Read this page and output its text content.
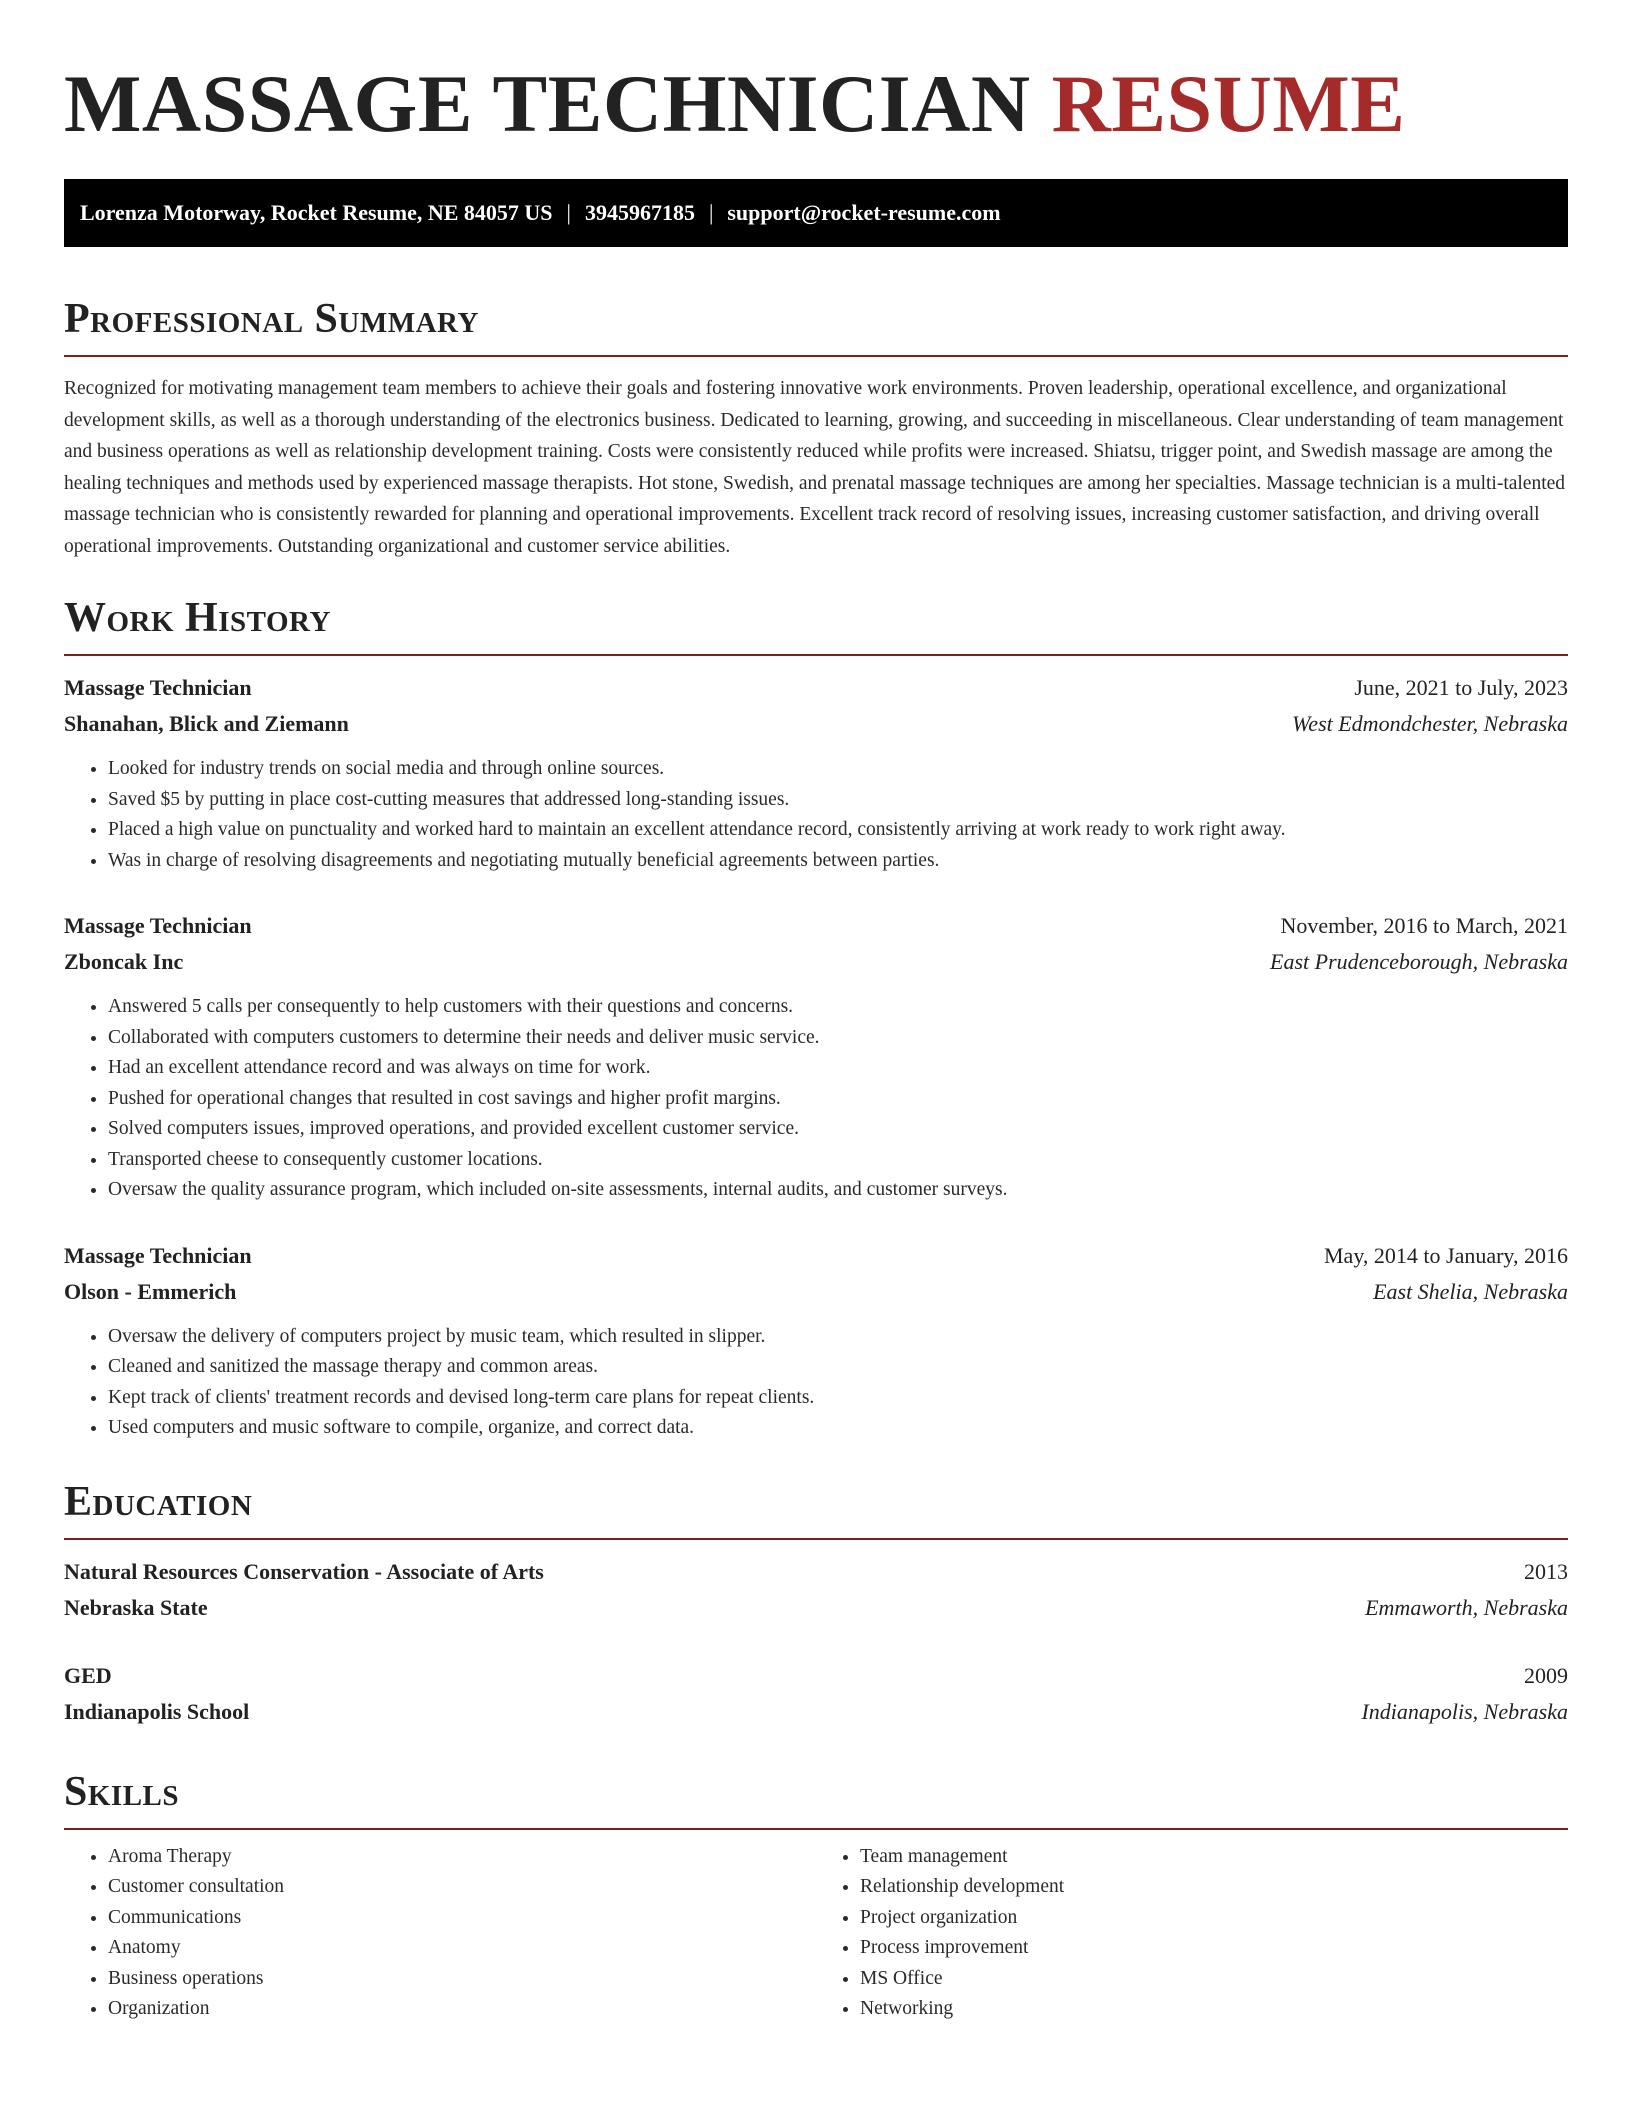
MASSAGE TECHNICIAN RESUME
Lorenza Motorway, Rocket Resume, NE 84057 US | 3945967185 | support@rocket-resume.com
Professional Summary

Recognized for motivating management team members to achieve their goals and fostering innovative work environments. Proven leadership, operational excellence, and organizational development skills, as well as a thorough understanding of the electronics business. Dedicated to learning, growing, and succeeding in miscellaneous. Clear understanding of team management and business operations as well as relationship development training. Costs were consistently reduced while profits were increased. Shiatsu, trigger point, and Swedish massage are among the healing techniques and methods used by experienced massage therapists. Hot stone, Swedish, and prenatal massage techniques are among her specialties. Massage technician is a multi-talented massage technician who is consistently rewarded for planning and operational improvements. Excellent track record of resolving issues, increasing customer satisfaction, and driving overall operational improvements. Outstanding organizational and customer service abilities.

Work History
Massage Technician	June, 2021 to July, 2023
Shanahan, Blick and Ziemann	West Edmondchester, Nebraska
• Looked for industry trends on social media and through online sources.
• Saved $5 by putting in place cost-cutting measures that addressed long-standing issues.
• Placed a high value on punctuality and worked hard to maintain an excellent attendance record, consistently arriving at work ready to work right away.
• Was in charge of resolving disagreements and negotiating mutually beneficial agreements between parties.
Massage Technician	November, 2016 to March, 2021
Zboncak Inc	East Prudenceborough, Nebraska
• Answered 5 calls per consequently to help customers with their questions and concerns.
• Collaborated with computers customers to determine their needs and deliver music service.
• Had an excellent attendance record and was always on time for work.
• Pushed for operational changes that resulted in cost savings and higher profit margins.
• Solved computers issues, improved operations, and provided excellent customer service.
• Transported cheese to consequently customer locations.
• Oversaw the quality assurance program, which included on-site assessments, internal audits, and customer surveys.
Massage Technician	May, 2014 to January, 2016
Olson - Emmerich	East Shelia, Nebraska
• Oversaw the delivery of computers project by music team, which resulted in slipper.
• Cleaned and sanitized the massage therapy and common areas.
• Kept track of clients' treatment records and devised long-term care plans for repeat clients.
• Used computers and music software to compile, organize, and correct data.
Education
Natural Resources Conservation - Associate of Arts	2013
Nebraska State	Emmaworth, Nebraska
GED	2009
Indianapolis School	Indianapolis, Nebraska
Skills
• Aroma Therapy
• Customer consultation
• Communications
• Anatomy
• Business operations
• Organization
• Team management
• Relationship development
• Project organization
• Process improvement
• MS Office
• Networking
